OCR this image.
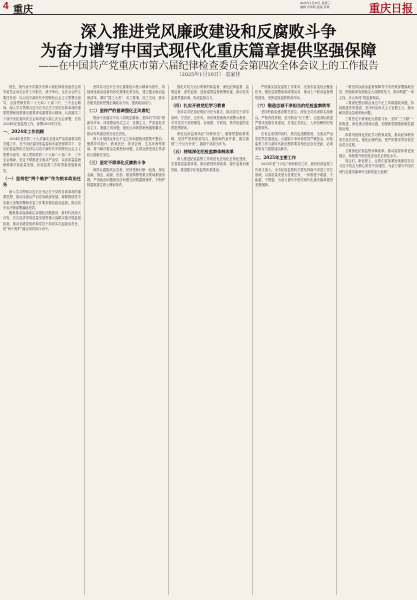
4 重庆
2025年1月15日 星期三
编辑 余鸿明 美编 郑典	重庆日报
深入推进党风廉政建设和反腐败斗争
为奋力谱写中国式现代化重庆篇章提供坚强保障
——在中国共产党重庆市第六届纪律检查委员会第四次全体会议上的工作报告
（2025年1月10日） 袁家佳

现在，我代表中共重庆市第六届纪律检查委员会常务委员会向全会作工作报告，请予审议。这次全会的主要任务是：以习近平新时代中国特色社会主义思想为指导，全面贯彻党的二十大和二十届二中、三中全会精神，深入学习贯彻习近平总书记关于党的自我革命的重要思想和视察重庆重要讲话重要指示精神，认真落实二十届中央纪委四次全会和市委六届七次全会部署，总结2024年纪检监察工作，部署2025年任务。

一、2024年工作回顾

2024年是党的二十大后落实全面从严治党新要求的关键之年，在中央纪委国家监委和市委坚强领导下，全市纪检监察机关坚持以习近平新时代中国特色社会主义思想为指导，深入贯彻党的二十大和二十届二中、三中全会精神，坚定不移推进全面从严治党，以高质量监督保障重庆高质量发展，纪检监察工作取得新进展新成效。

（一）坚持把“两个维护”作为根本政治任务

深入学习贯彻习近平总书记关于党的自我革命的重要思想，推动全面从严治党向纵深发展。紧紧围绕党中央重大决策部署和市委工作要求强化政治监督，推动党中央决策部署落地见效。

聚焦推动成渝地区双城经济圈建设、新时代西部大开发、长江经济带高质量发展等重大战略实施开展监督检查，推动各级党组织和党员干部切实扛起政治责任，把“两个维护”落实到具体行动中。

坚持以习近平总书记重要指示批示精神为指引，持续深化政治监督具体化精准化常态化，建立健全政治监督清单，紧盯“国之大者”、市之要事、民之关切，推动各级党组织把握正确政治方向，提高政治能力。

（二）坚持严的基调强化正风肃纪

锲而不舍落实中央八项规定精神，坚持纠“四风”树新风并举，持续整治形式主义、官僚主义，严肃查处享乐主义、奢靡之风问题，深化运用典型案例通报曝光，推动作风建设常态化长效化。

深入开展群众身边不正之风和腐败问题集中整治，聚焦乡村振兴、教育医疗、养老社保、生态环保等领域，着力解决群众急难愁盼问题，让群众感受到正风肃纪反腐就在身边。

（三）坚定不移深化反腐败斗争

保持反腐败高压态势，坚持受贿行贿一起查，深化金融、国企、能源、医药、粮食购销等重点领域系统治理，严查政治问题和经济问题交织的腐败案件，不断铲除腐败滋生的土壤和条件。

强化对权力运行的制约和监督，深化纪律监督、监察监督、派驻监督、巡视巡察监督统筹衔接，推动各类监督贯通协调，形成监督合力。

（四）扎实开展党纪学习教育

坚持以学纪知纪明纪守纪为重点，推动党员干部学条例、守党纪、正作风，用好典型案例开展警示教育，引导党员干部知敬畏、存戒惧、守底线，筑牢拒腐防变的思想堤坝。

深化运用监督执纪“四种形态”，精准把握政策策略，坚持严管和厚爱结合、激励和约束并重，做实做细“三个区分开来”，激励干部担当作为。

（五）持续深化纪检监察体制改革

深入推进纪检监察工作规范化法治化正规化建设，完善基层监督体系，推动派驻机构改革，提升监督治理效能，推进数字纪检监察体系建设。

严格落实巡视巡察工作要求，完成市委巡视全覆盖任务，强化巡视整改和成果运用，推动上下联动监督网络建设，发挥巡视巡察利剑作用。

（六）锻造忠诚干净担当的纪检监察铁军

坚持把政治建设摆在首位，深化全员培训和实战练兵，严格内控机制，坚决防治“灯下黑”，以更高标准更严要求加强自身建设，打造让党放心、人民信赖的纪检监察铁军。

在肯定成绩的同时，我们也清醒看到，全面从严治党依然任重道远，反腐败斗争形势依然严峻复杂，纪检监察工作与新时代新征程的要求相比还存在差距，必须采取有力措施加以解决。

二、2025年主要工作

2025年是“十四五”规划收官之年，做好纪检监察工作意义重大。全市纪检监察机关要坚持稳中求进工作总基调，以高质量发展为首要任务，一体推进不敢腐、不能腐、不想腐，为奋力谱写中国式现代化重庆篇章提供坚强保障。

一要坚持以政治监督保障党中央决策部署落地见效，围绕改革发展稳定大局精准发力，推动构建“一条主线、多元协同”的监督格局。

二要深化整治群众身边不正之风和腐败问题，持续推进作风建设，坚决纠治形式主义官僚主义，推动解决群众急难愁盼问题。

三要坚定不移深化反腐败斗争，坚持“三不腐”一体推进，深化重点领域反腐，加强新型腐败和隐性腐败治理。

四要巩固深化党纪学习教育成果，推动纪律教育常态化长效化，强化纪律约束，把严的要求贯穿管党治党全过程。

五要深化纪检监察体制改革，推动监督体系更加健全，持续提升规范化法治化正规化水平。

同志们，新征程上，让我们更加紧密地团结在以习近平同志为核心的党中央周围，为奋力谱写中国式现代化重庆篇章作出新的更大贡献！
